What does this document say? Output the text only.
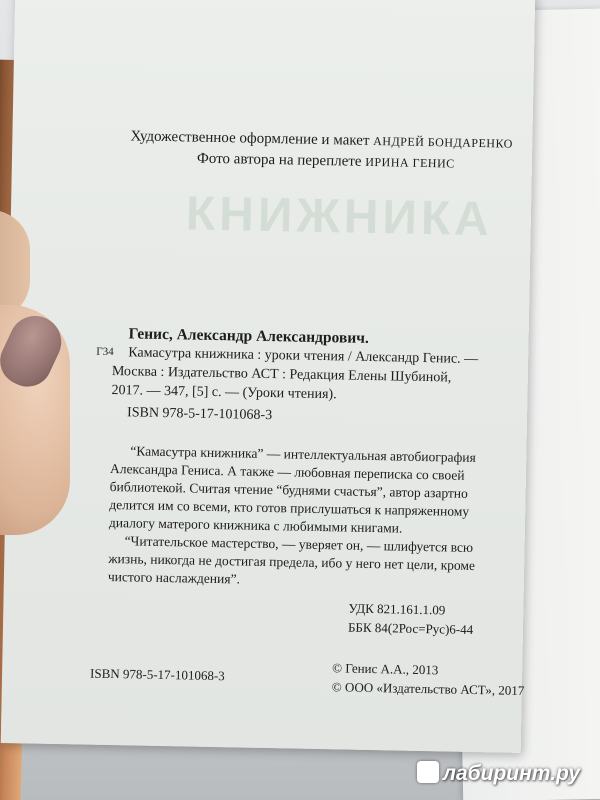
КНИЖНИКА
Художественное оформление и макет АНДРЕЙ БОНДАРЕНКО
Фото автора на переплете ИРИНА ГЕНИС
Генис, Александр Александрович.
Г34 Камасутра книжника : уроки чтения / Александр Генис. —
Москва : Издательство АСТ : Редакция Елены Шубиной,
2017. — 347, [5] с. — (Уроки чтения).
ISBN 978-5-17-101068-3
“Камасутра книжника” — интеллектуальная автобиография
Александра Гениса. А также — любовная переписка со своей
библиотекой. Считая чтение “буднями счастья”, автор азартно
делится им со всеми, кто готов прислушаться к напряженному
диалогу матерого книжника с любимыми книгами.
“Читательское мастерство, — уверяет он, — шлифуется всю
жизнь, никогда не достигая предела, ибо у него нет цели, кроме
чистого наслаждения”.
УДК 821.161.1.09
ББК 84(2Рос=Рус)6-44
ISBN 978-5-17-101068-3	© Генис А.А., 2013
© ООО «Издательство АСТ», 2017
лабиринт.ру
